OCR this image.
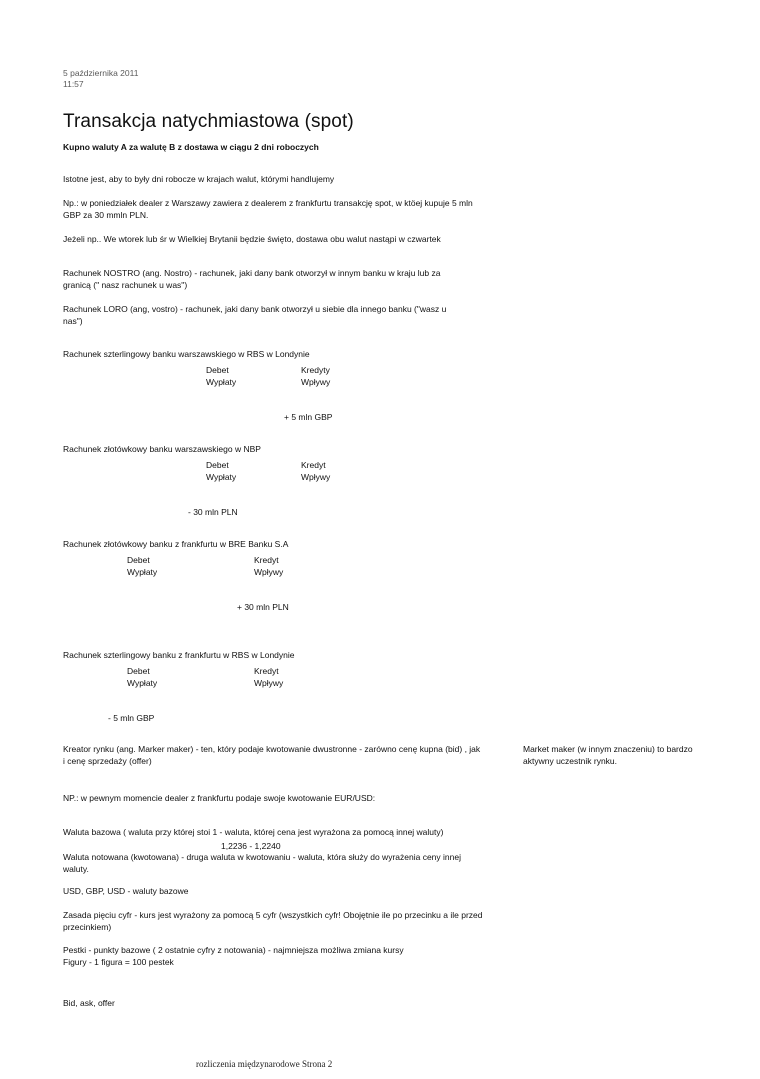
5 października 2011
11:57
Transakcja natychmiastowa (spot)
Kupno waluty A za walutę B z dostawa w ciągu 2 dni roboczych
Istotne jest, aby to były dni robocze w krajach walut, którymi handlujemy
Np.: w poniedziałek dealer z Warszawy zawiera z dealerem z frankfurtu transakcję spot, w ktöej kupuje 5 mln GBP za 30 mmln PLN.
Jeżeli np.. We wtorek lub śr w Wielkiej Brytanii będzie święto, dostawa obu walut nastąpi w czwartek
Rachunek NOSTRO (ang. Nostro) - rachunek, jaki dany bank otworzył w innym banku w kraju lub za granicą (" nasz rachunek u was")
Rachunek LORO (ang, vostro) - rachunek, jaki dany bank otworzył u siebie dla innego banku ("wasz u nas")
Rachunek szterlingowy banku warszawskiego w RBS w Londynie
Debet
Wypłaty
Kredyty
Wpływy
+ 5 mln GBP
Rachunek złotówkowy banku warszawskiego w NBP
Debet
Wypłaty
Kredyt
Wpływy
- 30 mln PLN
Rachunek złotówkowy banku z frankfurtu w BRE Banku S.A
Debet
Wypłaty
Kredyt
Wpływy
+ 30 mln PLN
Rachunek szterlingowy banku z frankfurtu w RBS w Londynie
Debet
Wypłaty
Kredyt
Wpływy
- 5 mln GBP
Kreator rynku (ang. Marker maker) - ten, który podaje kwotowanie dwustronne - zarówno cenę kupna (bid) , jak i cenę sprzedaży (offer)
Market maker (w innym znaczeniu) to bardzo aktywny uczestnik rynku.
NP.: w pewnym momencie dealer z frankfurtu podaje swoje kwotowanie EUR/USD:
Waluta bazowa ( waluta przy której stoi 1 - waluta, której cena jest wyrażona za pomocą innej waluty)
1,2236 - 1,2240
Waluta notowana (kwotowana) - druga waluta w kwotowaniu - waluta, która służy do wyrażenia ceny innej waluty.
USD, GBP, USD - waluty bazowe
Zasada pięciu cyfr - kurs jest wyrażony za pomocą 5 cyfr (wszystkich cyfr! Obojętnie ile po przecinku a ile przed przecinkiem)
Pestki - punkty bazowe ( 2 ostatnie cyfry z notowania) - najmniejsza możliwa zmiana kursy
Figury - 1 figura = 100 pestek
Bid, ask, offer
rozliczenia międzynarodowe Strona 2
